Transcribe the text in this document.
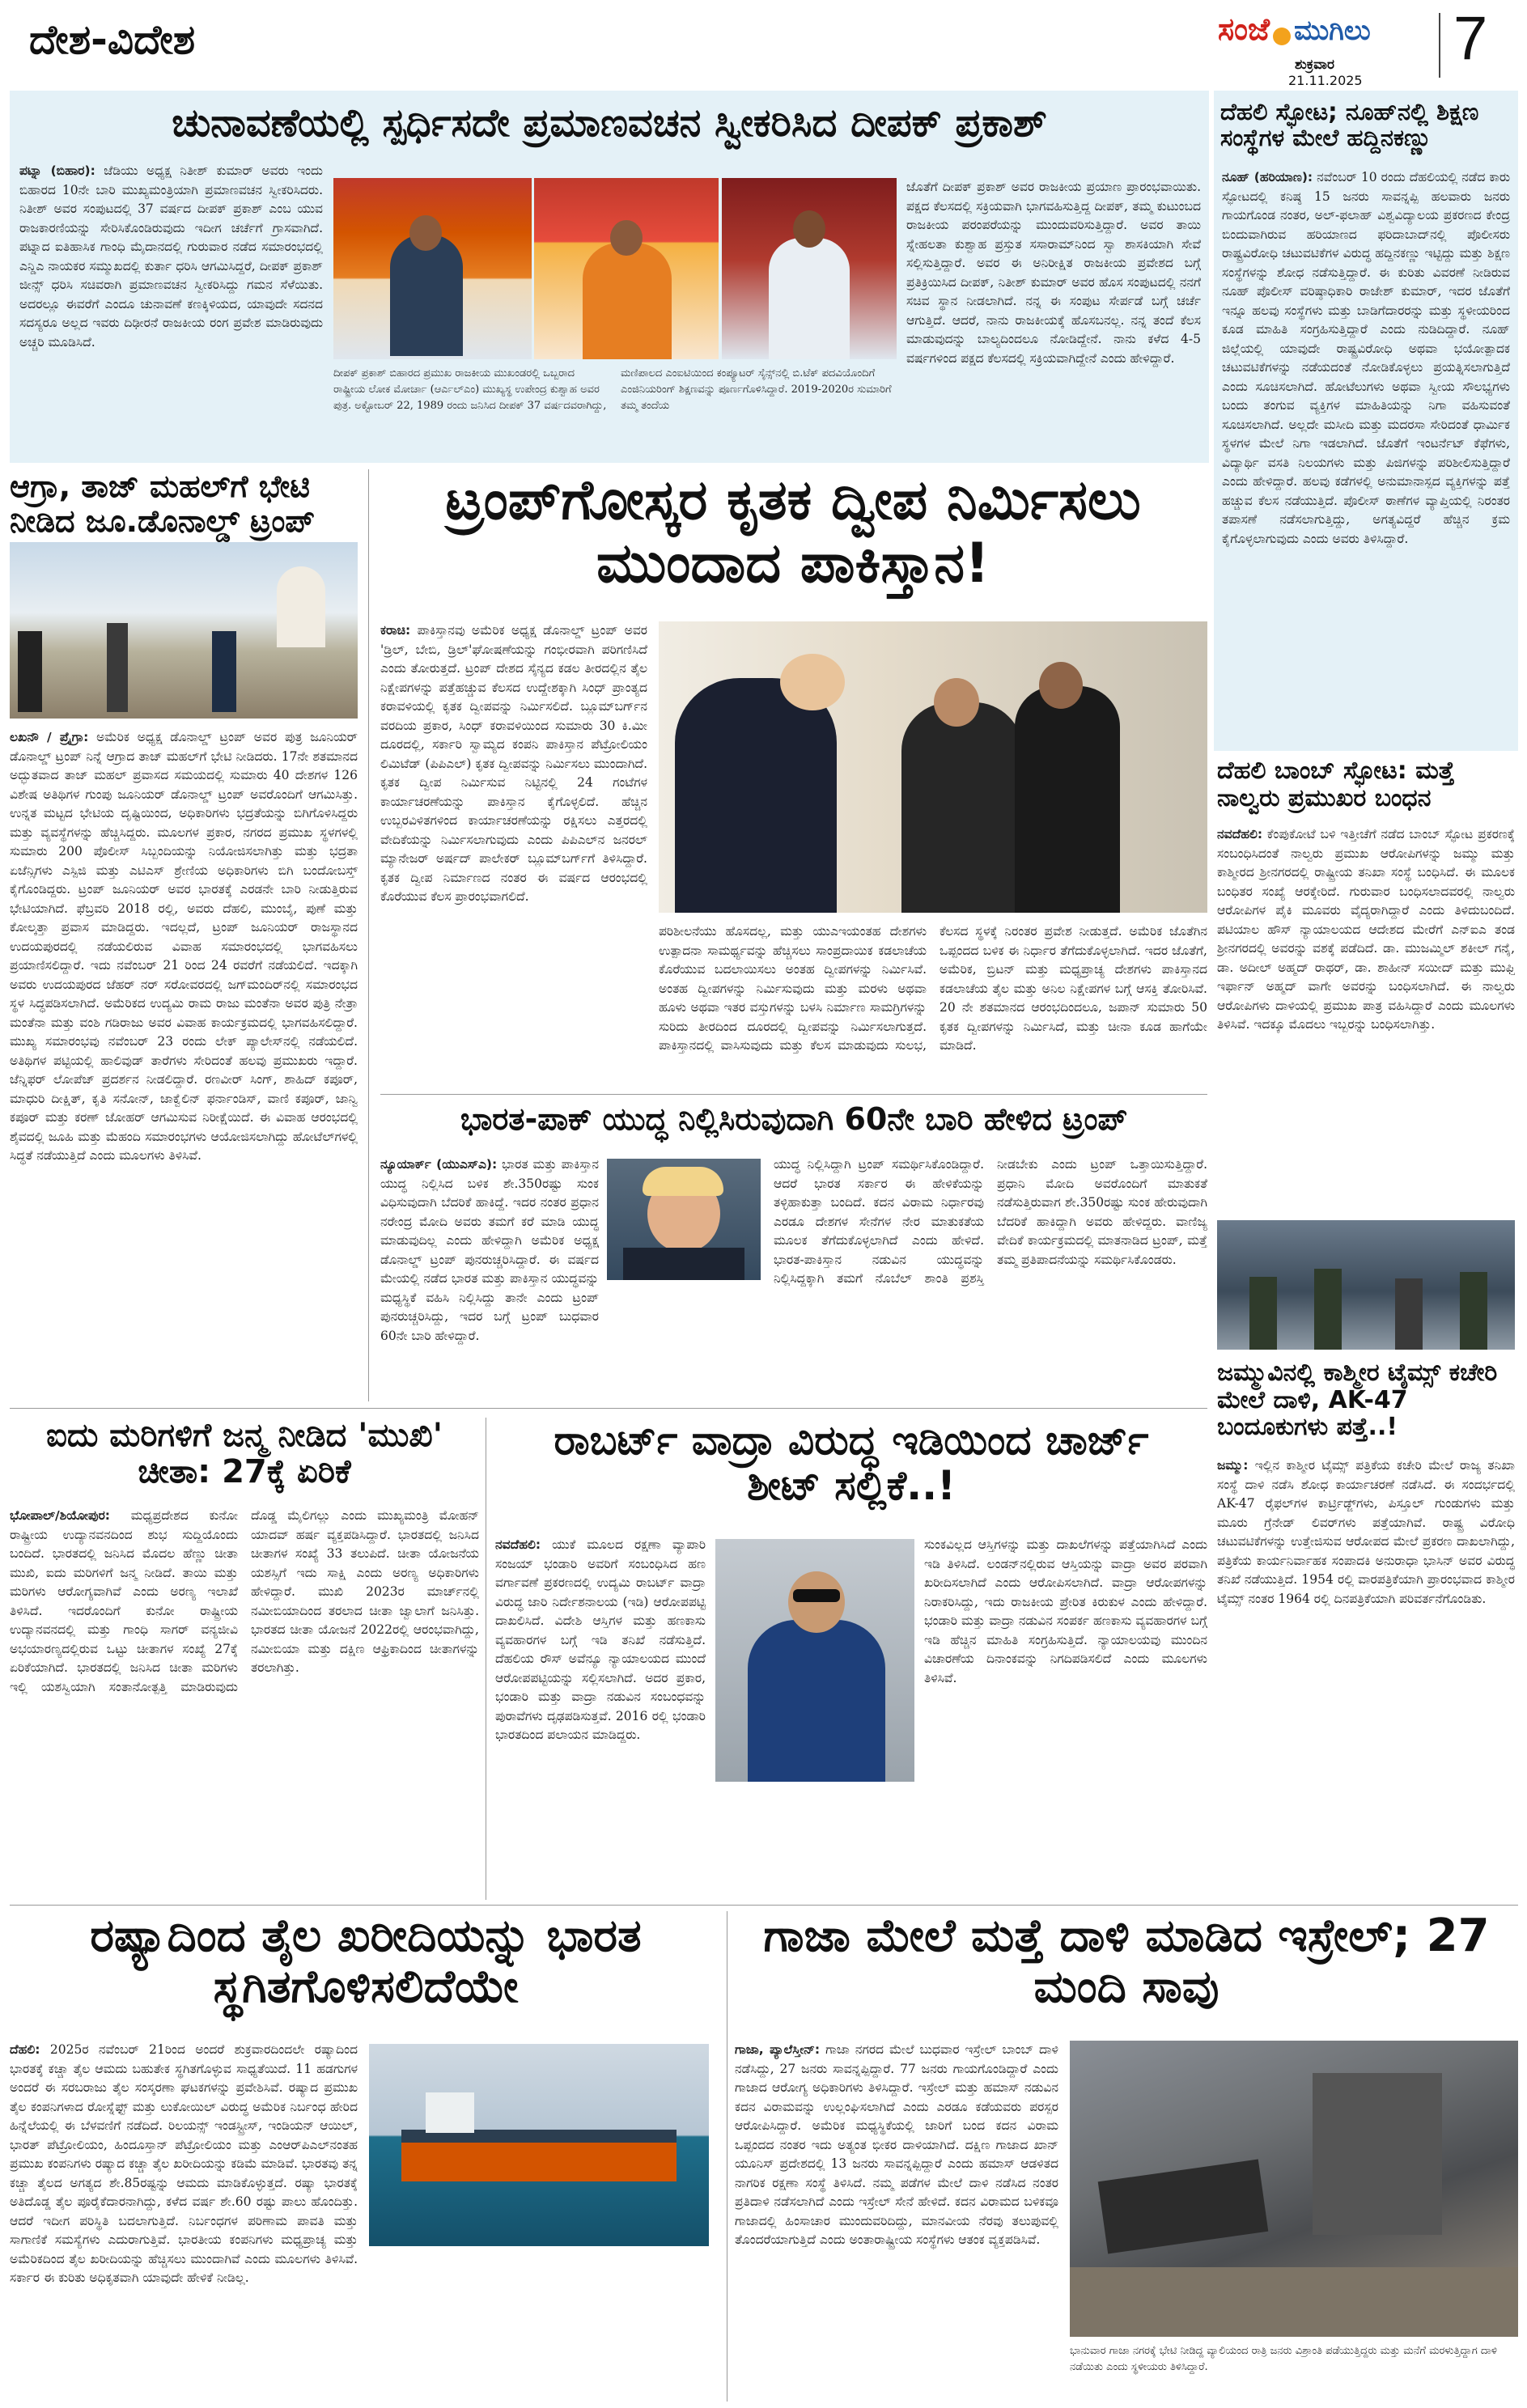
ದೇಶ-ವಿದೇಶ	ಸಂಜೆ ಮುಗಿಲು
ಶುಕ್ರವಾರ
21.11.2025
7
ಚುನಾವಣೆಯಲ್ಲಿ ಸ್ಪರ್ಧಿಸದೇ ಪ್ರಮಾಣವಚನ ಸ್ವೀಕರಿಸಿದ ದೀಪಕ್ ಪ್ರಕಾಶ್
ಪಟ್ನಾ (ಬಿಹಾರ): ಜೆಡಿಯು ಅಧ್ಯಕ್ಷ ನಿತೀಶ್ ಕುಮಾರ್ ಅವರು ಇಂದು ಬಿಹಾರದ 10ನೇ ಬಾರಿ ಮುಖ್ಯಮಂತ್ರಿಯಾಗಿ ಪ್ರಮಾಣವಚನ ಸ್ವೀಕರಿಸಿದರು. ನಿತೀಶ್ ಅವರ ಸಂಪುಟದಲ್ಲಿ 37 ವರ್ಷದ ದೀಪಕ್ ಪ್ರಕಾಶ್ ಎಂಬ ಯುವ ರಾಜಕಾರಣಿಯನ್ನು ಸೇರಿಸಿಕೊಂಡಿರುವುದು ಇದೀಗ ಚರ್ಚೆಗೆ ಗ್ರಾಸವಾಗಿದೆ. ಪಟ್ನಾದ ಐತಿಹಾಸಿಕ ಗಾಂಧಿ ಮೈದಾನದಲ್ಲಿ ಗುರುವಾರ ನಡೆದ ಸಮಾರಂಭದಲ್ಲಿ ಎನ್ಡಿಎ ನಾಯಕರ ಸಮ್ಮುಖದಲ್ಲಿ ಕುರ್ತಾ ಧರಿಸಿ ಆಗಮಿಸಿದ್ದರೆ, ದೀಪಕ್ ಪ್ರಕಾಶ್ ಜೀನ್ಸ್ ಧರಿಸಿ ಸಚಿವರಾಗಿ ಪ್ರಮಾಣವಚನ ಸ್ವೀಕರಿಸಿದ್ದು ಗಮನ ಸೆಳೆಯಿತು. ಅದರಲ್ಲೂ ಈವರೆಗೆ ಎಂದೂ ಚುನಾವಣೆ ಕಣಕ್ಕಿಳಿಯದ, ಯಾವುದೇ ಸದನದ ಸದಸ್ಯರೂ ಅಲ್ಲದ ಇವರು ದಿಢೀರನೆ ರಾಜಕೀಯ ರಂಗ ಪ್ರವೇಶ ಮಾಡಿರುವುದು ಅಚ್ಚರಿ ಮೂಡಿಸಿದೆ.
ದೀಪಕ್ ಪ್ರಕಾಶ್ ಬಿಹಾರದ ಪ್ರಮುಖ ರಾಜಕೀಯ ಮುಖಂಡರಲ್ಲಿ ಒಬ್ಬರಾದ ರಾಷ್ಟ್ರೀಯ ಲೋಕ ಮೋರ್ಚಾ (ಆರ್ಎಲ್ಎಂ) ಮುಖ್ಯಸ್ಥ ಉಪೇಂದ್ರ ಕುಶ್ವಾಹ ಅವರ ಪುತ್ರ. ಅಕ್ಟೋಬರ್ 22, 1989 ರಂದು ಜನಿಸಿದ ದೀಪಕ್ 37 ವರ್ಷದವರಾಗಿದ್ದು, ಮಣಿಪಾಲದ ಎಂಐಟಿಯಿಂದ ಕಂಪ್ಯೂಟರ್ ಸೈನ್ಸ್‌ನಲ್ಲಿ ಬಿ.ಟೆಕ್ ಪದವಿಯೊಂದಿಗೆ ಎಂಜಿನಿಯರಿಂಗ್ ಶಿಕ್ಷಣವನ್ನು ಪೂರ್ಣಗೊಳಿಸಿದ್ದಾರೆ. 2019-2020ರ ಸುಮಾರಿಗೆ ತಮ್ಮ ತಂದೆಯ
ಜೊತೆಗೆ ದೀಪಕ್ ಪ್ರಕಾಶ್ ಅವರ ರಾಜಕೀಯ ಪ್ರಯಾಣ ಪ್ರಾರಂಭವಾಯಿತು. ಪಕ್ಷದ ಕೆಲಸದಲ್ಲಿ ಸಕ್ರಿಯವಾಗಿ ಭಾಗವಹಿಸುತ್ತಿದ್ದ ದೀಪಕ್, ತಮ್ಮ ಕುಟುಂಬದ ರಾಜಕೀಯ ಪರಂಪರೆಯನ್ನು ಮುಂದುವರಿಸುತ್ತಿದ್ದಾರೆ. ಅವರ ತಾಯಿ ಸ್ನೇಹಲತಾ ಕುಶ್ವಾಹ ಪ್ರಸ್ತುತ ಸಸಾರಾಮ್‌ನಿಂದ ಸ್ವಾ ಶಾಸಕಿಯಾಗಿ ಸೇವೆ ಸಲ್ಲಿಸುತ್ತಿದ್ದಾರೆ. ಅವರ ಈ ಅನಿರೀಕ್ಷಿತ ರಾಜಕೀಯ ಪ್ರವೇಶದ ಬಗ್ಗೆ ಪ್ರತಿಕ್ರಿಯಿಸಿದ ದೀಪಕ್, ನಿತೀಶ್ ಕುಮಾರ್ ಅವರ ಹೊಸ ಸಂಪುಟದಲ್ಲಿ ನನಗೆ ಸಚಿವ ಸ್ಥಾನ ನೀಡಲಾಗಿದೆ. ನನ್ನ ಈ ಸಂಪುಟ ಸೇರ್ಪಡೆ ಬಗ್ಗೆ ಚರ್ಚೆ ಆಗುತ್ತಿದೆ. ಆದರೆ, ನಾನು ರಾಜಕೀಯಕ್ಕೆ ಹೊಸಬನಲ್ಲ. ನನ್ನ ತಂದೆ ಕೆಲಸ ಮಾಡುವುದನ್ನು ಬಾಲ್ಯದಿಂದಲೂ ನೋಡಿದ್ದೇನೆ. ನಾನು ಕಳೆದ 4-5 ವರ್ಷಗಳಿಂದ ಪಕ್ಷದ ಕೆಲಸದಲ್ಲಿ ಸಕ್ರಿಯವಾಗಿದ್ದೇನೆ ಎಂದು ಹೇಳಿದ್ದಾರೆ.
ದೆಹಲಿ ಸ್ಫೋಟ; ನೂಹ್‌ನಲ್ಲಿ ಶಿಕ್ಷಣ ಸಂಸ್ಥೆಗಳ ಮೇಲೆ ಹದ್ದಿನಕಣ್ಣು
ನೂಹ್ (ಹರಿಯಾಣ): ನವೆಂಬರ್ 10 ರಂದು ದೆಹಲಿಯಲ್ಲಿ ನಡೆದ ಕಾರು ಸ್ಫೋಟದಲ್ಲಿ ಕನಿಷ್ಠ 15 ಜನರು ಸಾವನ್ನಪ್ಪಿ ಹಲವಾರು ಜನರು ಗಾಯಗೊಂಡ ನಂತರ, ಅಲ್-ಫಲಾಹ್ ವಿಶ್ವವಿದ್ಯಾಲಯ ಪ್ರಕರಣದ ಕೇಂದ್ರ ಬಿಂದುವಾಗಿರುವ ಹರಿಯಾಣದ ಫರಿದಾಬಾದ್‌ನಲ್ಲಿ ಪೊಲೀಸರು ರಾಷ್ಟ್ರವಿರೋಧಿ ಚಟುವಟಿಕೆಗಳ ವಿರುದ್ಧ ಹದ್ದಿನಕಣ್ಣು ಇಟ್ಟಿದ್ದು ಮತ್ತು ಶಿಕ್ಷಣ ಸಂಸ್ಥೆಗಳನ್ನು ಶೋಧ ನಡೆಸುತ್ತಿದ್ದಾರೆ. ಈ ಕುರಿತು ವಿವರಣೆ ನೀಡಿರುವ ನೂಹ್ ಪೊಲೀಸ್ ವರಿಷ್ಠಾಧಿಕಾರಿ ರಾಜೇಶ್ ಕುಮಾರ್, ಇದರ ಜೊತೆಗೆ ಇನ್ನೂ ಹಲವು ಸಂಸ್ಥೆಗಳು ಮತ್ತು ಬಾಡಿಗೆದಾರರನ್ನು ಮತ್ತು ಸ್ಥಳೀಯರಿಂದ ಕೂಡ ಮಾಹಿತಿ ಸಂಗ್ರಹಿಸುತ್ತಿದ್ದಾರೆ ಎಂದು ನುಡಿದಿದ್ದಾರೆ. ನೂಹ್ ಜಿಲ್ಲೆಯಲ್ಲಿ ಯಾವುದೇ ರಾಷ್ಟ್ರವಿರೋಧಿ ಅಥವಾ ಭಯೋತ್ಪಾದಕ ಚಟುವಟಿಕೆಗಳನ್ನು ನಡೆಯದಂತೆ ನೋಡಿಕೊಳ್ಳಲು ಪ್ರಯತ್ನಿಸಲಾಗುತ್ತಿದೆ ಎಂದು ಸೂಚಿಸಲಾಗಿದೆ. ಹೋಟೆಲುಗಳು ಅಥವಾ ಸ್ವೀಯ ಸೌಲಭ್ಯಗಳು ಬಂದು ತಂಗುವ ವ್ಯಕ್ತಿಗಳ ಮಾಹಿತಿಯನ್ನು ನಿಗಾ ವಹಿಸುವಂತೆ ಸೂಚಿಸಲಾಗಿದೆ. ಅಲ್ಲದೇ ಮಸೀದಿ ಮತ್ತು ಮದರಸಾ ಸೇರಿದಂತೆ ಧಾರ್ಮಿಕ ಸ್ಥಳಗಳ ಮೇಲೆ ನಿಗಾ ಇಡಲಾಗಿದೆ. ಜೊತೆಗೆ ಇಂಟರ್ನೆಟ್ ಕೆಫೆಗಳು, ವಿದ್ಯಾರ್ಥಿ ವಸತಿ ನಿಲಯಗಳು ಮತ್ತು ಪಿಜಿಗಳನ್ನು ಪರಿಶೀಲಿಸುತ್ತಿದ್ದಾರೆ ಎಂದು ಹೇಳಿದ್ದಾರೆ. ಹಲವು ಕಡೆಗಳಲ್ಲಿ ಅನುಮಾನಾಸ್ಪದ ವ್ಯಕ್ತಿಗಳನ್ನು ಪತ್ತೆ ಹಚ್ಚುವ ಕೆಲಸ ನಡೆಯುತ್ತಿದೆ. ಪೊಲೀಸ್ ಠಾಣೆಗಳ ವ್ಯಾಪ್ತಿಯಲ್ಲಿ ನಿರಂತರ ತಪಾಸಣೆ ನಡೆಸಲಾಗುತ್ತಿದ್ದು, ಅಗತ್ಯವಿದ್ದರೆ ಹೆಚ್ಚಿನ ಕ್ರಮ ಕೈಗೊಳ್ಳಲಾಗುವುದು ಎಂದು ಅವರು ತಿಳಿಸಿದ್ದಾರೆ.
ಆಗ್ರಾ, ತಾಜ್ ಮಹಲ್‌ಗೆ ಭೇಟಿ ನೀಡಿದ ಜೂ.ಡೊನಾಲ್ಡ್ ಟ್ರಂಪ್
ಲಖನೌ / ಪ್ರೈಗ್ರಾ: ಅಮೆರಿಕ ಅಧ್ಯಕ್ಷ ಡೊನಾಲ್ಡ್ ಟ್ರಂಪ್ ಅವರ ಪುತ್ರ ಜೂನಿಯರ್ ಡೊನಾಲ್ಡ್ ಟ್ರಂಪ್ ನಿನ್ನೆ ಆಗ್ರಾದ ತಾಜ್ ಮಹಲ್‌ಗೆ ಭೇಟಿ ನೀಡಿದರು. 17ನೇ ಶತಮಾನದ ಅದ್ಭುತವಾದ ತಾಜ್ ಮಹಲ್ ಪ್ರವಾಸದ ಸಮಯದಲ್ಲಿ ಸುಮಾರು 40 ದೇಶಗಳ 126 ವಿಶೇಷ ಅತಿಥಿಗಳ ಗುಂಪು ಜೂನಿಯರ್ ಡೊನಾಲ್ಡ್ ಟ್ರಂಪ್ ಅವರೊಂದಿಗೆ ಆಗಮಿಸಿತ್ತು. ಉನ್ನತ ಮಟ್ಟದ ಭೇಟಿಯ ದೃಷ್ಟಿಯಿಂದ, ಅಧಿಕಾರಿಗಳು ಭದ್ರತೆಯನ್ನು ಬಿಗಿಗೊಳಿಸಿದ್ದರು ಮತ್ತು ವ್ಯವಸ್ಥೆಗಳನ್ನು ಹೆಚ್ಚಿಸಿದ್ದರು. ಮೂಲಗಳ ಪ್ರಕಾರ, ನಗರದ ಪ್ರಮುಖ ಸ್ಥಳಗಳಲ್ಲಿ ಸುಮಾರು 200 ಪೊಲೀಸ್ ಸಿಬ್ಬಂದಿಯನ್ನು ನಿಯೋಜಿಸಲಾಗಿತ್ತು ಮತ್ತು ಭದ್ರತಾ ಏಜೆನ್ಸಿಗಳು ಎಸ್ಪಿಜಿ ಮತ್ತು ಎಟಿಎಸ್ ಶ್ರೇಣಿಯ ಅಧಿಕಾರಿಗಳು ಬಿಗಿ ಬಂದೋಬಸ್ತ್ ಕೈಗೊಂಡಿದ್ದರು. ಟ್ರಂಪ್ ಜೂನಿಯರ್ ಅವರ ಭಾರತಕ್ಕೆ ಎರಡನೇ ಬಾರಿ ನೀಡುತ್ತಿರುವ ಭೇಟಿಯಾಗಿದೆ. ಫೆಬ್ರವರಿ 2018 ರಲ್ಲಿ, ಅವರು ದೆಹಲಿ, ಮುಂಬೈ, ಪುಣೆ ಮತ್ತು ಕೋಲ್ಕತ್ತಾ ಪ್ರವಾಸ ಮಾಡಿದ್ದರು. ಇದಲ್ಲದೆ, ಟ್ರಂಪ್ ಜೂನಿಯರ್ ರಾಜಸ್ಥಾನದ ಉದಯಪುರದಲ್ಲಿ ನಡೆಯಲಿರುವ ವಿವಾಹ ಸಮಾರಂಭದಲ್ಲಿ ಭಾಗವಹಿಸಲು ಪ್ರಯಾಣಿಸಲಿದ್ದಾರೆ. ಇದು ನವೆಂಬರ್ 21 ರಿಂದ 24 ರವರೆಗೆ ನಡೆಯಲಿದೆ. ಇದಕ್ಕಾಗಿ ಅವರು ಉದಯಪುರದ ಜೆಹರ್ ನರ್ ಸರೋವರದಲ್ಲಿ ಜಗ್‌ಮಂದಿರ್‌ನಲ್ಲಿ ಸಮಾರಂಭದ ಸ್ಥಳ ಸಿದ್ಧಪಡಿಸಲಾಗಿದೆ. ಅಮೆರಿಕದ ಉದ್ಯಮಿ ರಾಮ ರಾಜು ಮಂತೆನಾ ಅವರ ಪುತ್ರಿ ನೇತ್ರಾ ಮಂತೆನಾ ಮತ್ತು ವಂಶಿ ಗಡಿರಾಜು ಅವರ ವಿವಾಹ ಕಾರ್ಯಕ್ರಮದಲ್ಲಿ ಭಾಗವಹಿಸಲಿದ್ದಾರೆ. ಮುಖ್ಯ ಸಮಾರಂಭವು ನವೆಂಬರ್ 23 ರಂದು ಲೇಕ್ ಪ್ಯಾಲೇಸ್‌ನಲ್ಲಿ ನಡೆಯಲಿದೆ. ಅತಿಥಿಗಳ ಪಟ್ಟಿಯಲ್ಲಿ ಹಾಲಿವುಡ್ ತಾರೆಗಳು ಸೇರಿದಂತೆ ಹಲವು ಪ್ರಮುಖರು ಇದ್ದಾರೆ. ಜೆನ್ನಿಫರ್ ಲೋಪೆಜ್ ಪ್ರದರ್ಶನ ನೀಡಲಿದ್ದಾರೆ. ರಣವೀರ್ ಸಿಂಗ್, ಶಾಹಿದ್ ಕಪೂರ್, ಮಾಧುರಿ ದೀಕ್ಷಿತ್, ಕೃತಿ ಸನೋನ್, ಜಾಕ್ವೆಲಿನ್ ಫರ್ನಾಂಡಿಸ್, ವಾಣಿ ಕಪೂರ್, ಜಾನ್ವಿ ಕಪೂರ್ ಮತ್ತು ಕರಣ್ ಜೋಹರ್ ಆಗಮಿಸುವ ನಿರೀಕ್ಷೆಯಿದೆ. ಈ ವಿವಾಹ ಆರಂಭದಲ್ಲಿ ಶೈವದಲ್ಲಿ ಜೂಹಿ ಮತ್ತು ಮೆಹಂದಿ ಸಮಾರಂಭಗಳು ಆಯೋಜಿಸಲಾಗಿದ್ದು ಹೋಟೆಲ್‌ಗಳಲ್ಲಿ ಸಿದ್ಧತೆ ನಡೆಯುತ್ತಿದೆ ಎಂದು ಮೂಲಗಳು ತಿಳಿಸಿವೆ.
ಟ್ರಂಪ್‌ಗೋಸ್ಕರ ಕೃತಕ ದ್ವೀಪ ನಿರ್ಮಿಸಲು ಮುಂದಾದ ಪಾಕಿಸ್ತಾನ!
ಕರಾಚಿ: ಪಾಕಿಸ್ತಾನವು ಅಮೆರಿಕ ಅಧ್ಯಕ್ಷ ಡೊನಾಲ್ಡ್ ಟ್ರಂಪ್ ಅವರ 'ಡ್ರಿಲ್, ಬೇಬಿ, ಡ್ರಿಲ್'ಘೋಷಣೆಯನ್ನು ಗಂಭೀರವಾಗಿ ಪರಿಗಣಿಸಿದೆ ಎಂದು ತೋರುತ್ತದೆ. ಟ್ರಂಪ್ ದೇಶದ ಸೈನ್ಯದ ಕಡಲ ತೀರದಲ್ಲಿನ ತೈಲ ನಿಕ್ಷೇಪಗಳನ್ನು ಪತ್ತೆಹಚ್ಚುವ ಕೆಲಸದ ಉದ್ದೇಶಕ್ಕಾಗಿ ಸಿಂಧ್ ಪ್ರಾಂತ್ಯದ ಕರಾವಳಿಯಲ್ಲಿ ಕೃತಕ ದ್ವೀಪವನ್ನು ನಿರ್ಮಿಸಲಿದೆ. ಬ್ಲೂಮ್‌ಬರ್ಗ್‌ನ ವರದಿಯ ಪ್ರಕಾರ, ಸಿಂಧ್ ಕರಾವಳಿಯಿಂದ ಸುಮಾರು 30 ಕಿ.ಮೀ ದೂರದಲ್ಲಿ, ಸರ್ಕಾರಿ ಸ್ವಾಮ್ಯದ ಕಂಪನಿ ಪಾಕಿಸ್ತಾನ ಪೆಟ್ರೋಲಿಯಂ ಲಿಮಿಟೆಡ್ (ಪಿಪಿಎಲ್) ಕೃತಕ ದ್ವೀಪವನ್ನು ನಿರ್ಮಿಸಲು ಮುಂದಾಗಿದೆ. ಕೃತಕ ದ್ವೀಪ ನಿರ್ಮಿಸುವ ನಿಟ್ಟಿನಲ್ಲಿ 24 ಗಂಟೆಗಳ ಕಾರ್ಯಾಚರಣೆಯನ್ನು ಪಾಕಿಸ್ತಾನ ಕೈಗೊಳ್ಳಲಿದೆ. ಹೆಚ್ಚಿನ ಉಬ್ಬರವಿಳಿತಗಳಿಂದ ಕಾರ್ಯಾಚರಣೆಯನ್ನು ರಕ್ಷಿಸಲು ಎತ್ತರದಲ್ಲಿ ವೇದಿಕೆಯನ್ನು ನಿರ್ಮಿಸಲಾಗುವುದು ಎಂದು ಪಿಪಿಎಲ್‌ನ ಜನರಲ್ ಮ್ಯಾನೇಜರ್ ಅರ್ಷದ್ ಪಾಲೇಕರ್ ಬ್ಲೂಮ್‌ಬರ್ಗ್‌ಗೆ ತಿಳಿಸಿದ್ದಾರೆ. ಕೃತಕ ದ್ವೀಪ ನಿರ್ಮಾಣದ ನಂತರ ಈ ವರ್ಷದ ಆರಂಭದಲ್ಲಿ ಕೊರೆಯುವ ಕೆಲಸ ಪ್ರಾರಂಭವಾಗಲಿದೆ.
ಪರಿಶೀಲನೆಯು ಹೊಸದಲ್ಲ, ಮತ್ತು ಯುಎಇಯಂತಹ ದೇಶಗಳು ಉತ್ಪಾದನಾ ಸಾಮರ್ಥ್ಯವನ್ನು ಹೆಚ್ಚಿಸಲು ಸಾಂಪ್ರದಾಯಿಕ ಕಡಲಾಚೆಯ ಕೊರೆಯುವ ಬದಲಾಯಿಸಲು ಅಂತಹ ದ್ವೀಪಗಳನ್ನು ನಿರ್ಮಿಸಿವೆ. ಅಂತಹ ದ್ವೀಪಗಳನ್ನು ನಿರ್ಮಿಸುವುದು ಮತ್ತು ಮರಳು ಅಥವಾ ಹೂಳು ಅಥವಾ ಇತರ ವಸ್ತುಗಳನ್ನು ಬಳಸಿ ನಿರ್ಮಾಣ ಸಾಮಗ್ರಿಗಳನ್ನು ಸುರಿದು ತೀರದಿಂದ ದೂರದಲ್ಲಿ ದ್ವೀಪವನ್ನು ನಿರ್ಮಿಸಲಾಗುತ್ತದೆ. ಪಾಕಿಸ್ತಾನದಲ್ಲಿ ವಾಸಿಸುವುದು ಮತ್ತು ಕೆಲಸ ಮಾಡುವುದು ಸುಲಭ, ಕೆಲಸದ ಸ್ಥಳಕ್ಕೆ ನಿರಂತರ ಪ್ರವೇಶ ನೀಡುತ್ತದೆ. ಅಮೆರಿಕ ಜೊತೆಗಿನ ಒಪ್ಪಂದದ ಬಳಿಕ ಈ ನಿರ್ಧಾರ ತೆಗೆದುಕೊಳ್ಳಲಾಗಿದೆ. ಇದರ ಜೊತೆಗೆ, ಅಮೆರಿಕ, ಬ್ರಿಟನ್ ಮತ್ತು ಮಧ್ಯಪ್ರಾಚ್ಯ ದೇಶಗಳು ಪಾಕಿಸ್ತಾನದ ಕಡಲಾಚೆಯ ತೈಲ ಮತ್ತು ಅನಿಲ ನಿಕ್ಷೇಪಗಳ ಬಗ್ಗೆ ಆಸಕ್ತಿ ತೋರಿಸಿವೆ. 20 ನೇ ಶತಮಾನದ ಆರಂಭದಿಂದಲೂ, ಜಪಾನ್ ಸುಮಾರು 50 ಕೃತಕ ದ್ವೀಪಗಳನ್ನು ನಿರ್ಮಿಸಿದೆ, ಮತ್ತು ಚೀನಾ ಕೂಡ ಹಾಗೆಯೇ ಮಾಡಿದೆ.
ಭಾರತ-ಪಾಕ್ ಯುದ್ಧ ನಿಲ್ಲಿಸಿರುವುದಾಗಿ 60ನೇ ಬಾರಿ ಹೇಳಿದ ಟ್ರಂಪ್
ನ್ಯೂಯಾರ್ಕ್ (ಯುಎಸ್‌ಎ): ಭಾರತ ಮತ್ತು ಪಾಕಿಸ್ತಾನ ಯುದ್ಧ ನಿಲ್ಲಿಸಿದ ಬಳಿಕ ಶೇ.350ರಷ್ಟು ಸುಂಕ ವಿಧಿಸುವುದಾಗಿ ಬೆದರಿಕೆ ಹಾಕಿದ್ದೆ. ಇದರ ನಂತರ ಪ್ರಧಾನ ನರೇಂದ್ರ ಮೋದಿ ಅವರು ತಮಗೆ ಕರೆ ಮಾಡಿ ಯುದ್ಧ ಮಾಡುವುದಿಲ್ಲ ಎಂದು ಹೇಳಿದ್ದಾಗಿ ಅಮೆರಿಕ ಅಧ್ಯಕ್ಷ ಡೊನಾಲ್ಡ್ ಟ್ರಂಪ್ ಪುನರುಚ್ಚರಿಸಿದ್ದಾರೆ. ಈ ವರ್ಷದ ಮೇಯಲ್ಲಿ ನಡೆದ ಭಾರತ ಮತ್ತು ಪಾಕಿಸ್ತಾನ ಯುದ್ಧವನ್ನು ಮಧ್ಯಸ್ಥಿಕೆ ವಹಿಸಿ ನಿಲ್ಲಿಸಿದ್ದು ತಾನೇ ಎಂದು ಟ್ರಂಪ್ ಪುನರುಚ್ಚರಿಸಿದ್ದು, ಇದರ ಬಗ್ಗೆ ಟ್ರಂಪ್ ಬುಧವಾರ 60ನೇ ಬಾರಿ ಹೇಳಿದ್ದಾರೆ.
ಯುದ್ಧ ನಿಲ್ಲಿಸಿದ್ದಾಗಿ ಟ್ರಂಪ್ ಸಮರ್ಥಿಸಿಕೊಂಡಿದ್ದಾರೆ. ಆದರೆ ಭಾರತ ಸರ್ಕಾರ ಈ ಹೇಳಿಕೆಯನ್ನು ತಳ್ಳಿಹಾಕುತ್ತಾ ಬಂದಿದೆ. ಕದನ ವಿರಾಮ ನಿರ್ಧಾರವು ಎರಡೂ ದೇಶಗಳ ಸೇನೆಗಳ ನೇರ ಮಾತುಕತೆಯ ಮೂಲಕ ತೆಗೆದುಕೊಳ್ಳಲಾಗಿದೆ ಎಂದು ಹೇಳಿದೆ. ಭಾರತ-ಪಾಕಿಸ್ತಾನ ನಡುವಿನ ಯುದ್ಧವನ್ನು ನಿಲ್ಲಿಸಿದ್ದಕ್ಕಾಗಿ ತಮಗೆ ನೊಬೆಲ್ ಶಾಂತಿ ಪ್ರಶಸ್ತಿ ನೀಡಬೇಕು ಎಂದು ಟ್ರಂಪ್ ಒತ್ತಾಯಿಸುತ್ತಿದ್ದಾರೆ. ಪ್ರಧಾನಿ ಮೋದಿ ಅವರೊಂದಿಗೆ ಮಾತುಕತೆ ನಡೆಸುತ್ತಿರುವಾಗ ಶೇ.350ರಷ್ಟು ಸುಂಕ ಹೇರುವುದಾಗಿ ಬೆದರಿಕೆ ಹಾಕಿದ್ದಾಗಿ ಅವರು ಹೇಳಿದ್ದರು. ವಾಣಿಜ್ಯ ವೇದಿಕೆ ಕಾರ್ಯಕ್ರಮದಲ್ಲಿ ಮಾತನಾಡಿದ ಟ್ರಂಪ್, ಮತ್ತೆ ತಮ್ಮ ಪ್ರತಿಪಾದನೆಯನ್ನು ಸಮರ್ಥಿಸಿಕೊಂಡರು.
ದೆಹಲಿ ಬಾಂಬ್ ಸ್ಫೋಟ: ಮತ್ತೆ ನಾಲ್ವರು ಪ್ರಮುಖರ ಬಂಧನ
ನವದೆಹಲಿ: ಕೆಂಪುಕೋಟೆ ಬಳಿ ಇತ್ತೀಚೆಗೆ ನಡೆದ ಬಾಂಬ್ ಸ್ಫೋಟ ಪ್ರಕರಣಕ್ಕೆ ಸಂಬಂಧಿಸಿದಂತೆ ನಾಲ್ವರು ಪ್ರಮುಖ ಆರೋಪಿಗಳನ್ನು ಜಮ್ಮು ಮತ್ತು ಕಾಶ್ಮೀರದ ಶ್ರೀನಗರದಲ್ಲಿ ರಾಷ್ಟ್ರೀಯ ತನಿಖಾ ಸಂಸ್ಥೆ ಬಂಧಿಸಿದೆ. ಈ ಮೂಲಕ ಬಂಧಿತರ ಸಂಖ್ಯೆ ಆರಕ್ಕೇರಿದೆ. ಗುರುವಾರ ಬಂಧಿಸಲಾದವರಲ್ಲಿ ನಾಲ್ವರು ಆರೋಪಿಗಳ ಪೈಕಿ ಮೂವರು ವೈದ್ಯರಾಗಿದ್ದಾರೆ ಎಂದು ತಿಳಿದುಬಂದಿದೆ. ಪಟಿಯಾಲ ಹೌಸ್ ನ್ಯಾಯಾಲಯದ ಆದೇಶದ ಮೇರೆಗೆ ಎನ್‌ಐಎ ತಂಡ ಶ್ರೀನಗರದಲ್ಲಿ ಅವರನ್ನು ವಶಕ್ಕೆ ಪಡೆದಿದೆ. ಡಾ. ಮುಜಮ್ಮಿಲ್ ಶಕೀಲ್ ಗನೈ, ಡಾ. ಅದೀಲ್ ಅಹ್ಮದ್ ರಾಥರ್, ಡಾ. ಶಾಹೀನ್ ಸಯೀದ್ ಮತ್ತು ಮುಫ್ತಿ ಇರ್ಫಾನ್ ಅಹ್ಮದ್ ವಾಗೇ ಅವರನ್ನು ಬಂಧಿಸಲಾಗಿದೆ. ಈ ನಾಲ್ವರು ಆರೋಪಿಗಳು ದಾಳಿಯಲ್ಲಿ ಪ್ರಮುಖ ಪಾತ್ರ ವಹಿಸಿದ್ದಾರೆ ಎಂದು ಮೂಲಗಳು ತಿಳಿಸಿವೆ. ಇದಕ್ಕೂ ಮೊದಲು ಇಬ್ಬರನ್ನು ಬಂಧಿಸಲಾಗಿತ್ತು.
ಜಮ್ಮುವಿನಲ್ಲಿ ಕಾಶ್ಮೀರ ಟೈಮ್ಸ್ ಕಚೇರಿ ಮೇಲೆ ದಾಳಿ, AK-47 ಬಂದೂಕುಗಳು ಪತ್ತೆ..!
ಜಮ್ಮು: ಇಲ್ಲಿನ ಕಾಶ್ಮೀರ ಟೈಮ್ಸ್ ಪತ್ರಿಕೆಯ ಕಚೇರಿ ಮೇಲೆ ರಾಜ್ಯ ತನಿಖಾ ಸಂಸ್ಥೆ ದಾಳಿ ನಡೆಸಿ ಶೋಧ ಕಾರ್ಯಾಚರಣೆ ನಡೆಸಿದೆ. ಈ ಸಂದರ್ಭದಲ್ಲಿ AK-47 ರೈಫಲ್‌ಗಳ ಕಾರ್ಟ್ರಿಡ್ಜ್‌ಗಳು, ಪಿಸ್ತೂಲ್ ಗುಂಡುಗಳು ಮತ್ತು ಮೂರು ಗ್ರೆನೇಡ್ ಲಿವರ್‌ಗಳು ಪತ್ತೆಯಾಗಿವೆ. ರಾಷ್ಟ್ರ ವಿರೋಧಿ ಚಟುವಟಿಕೆಗಳನ್ನು ಉತ್ತೇಜಿಸುವ ಆರೋಪದ ಮೇಲೆ ಪ್ರಕರಣ ದಾಖಲಾಗಿದ್ದು, ಪತ್ರಿಕೆಯ ಕಾರ್ಯನಿರ್ವಾಹಕ ಸಂಪಾದಕಿ ಅನುರಾಧಾ ಭಾಸಿನ್ ಅವರ ವಿರುದ್ಧ ತನಿಖೆ ನಡೆಯುತ್ತಿದೆ. 1954 ರಲ್ಲಿ ವಾರಪತ್ರಿಕೆಯಾಗಿ ಪ್ರಾರಂಭವಾದ ಕಾಶ್ಮೀರ ಟೈಮ್ಸ್ ನಂತರ 1964 ರಲ್ಲಿ ದಿನಪತ್ರಿಕೆಯಾಗಿ ಪರಿವರ್ತನೆಗೊಂಡಿತು.
ಐದು ಮರಿಗಳಿಗೆ ಜನ್ಮ ನೀಡಿದ 'ಮುಖಿ' ಚೀತಾ: 27ಕ್ಕೆ ಏರಿಕೆ
ಭೋಪಾಲ್/ಶಿಯೋಪುರ: ಮಧ್ಯಪ್ರದೇಶದ ಕುನೋ ರಾಷ್ಟ್ರೀಯ ಉದ್ಯಾನವನದಿಂದ ಶುಭ ಸುದ್ದಿಯೊಂದು ಬಂದಿದೆ. ಭಾರತದಲ್ಲಿ ಜನಿಸಿದ ಮೊದಲ ಹೆಣ್ಣು ಚೀತಾ ಮುಖಿ, ಐದು ಮರಿಗಳಿಗೆ ಜನ್ಮ ನೀಡಿದೆ. ತಾಯಿ ಮತ್ತು ಮರಿಗಳು ಆರೋಗ್ಯವಾಗಿವೆ ಎಂದು ಅರಣ್ಯ ಇಲಾಖೆ ತಿಳಿಸಿದೆ. ಇದರೊಂದಿಗೆ ಕುನೋ ರಾಷ್ಟ್ರೀಯ ಉದ್ಯಾನವನದಲ್ಲಿ ಮತ್ತು ಗಾಂಧಿ ಸಾಗರ್ ವನ್ಯಜೀವಿ ಅಭಯಾರಣ್ಯದಲ್ಲಿರುವ ಒಟ್ಟು ಚೀತಾಗಳ ಸಂಖ್ಯೆ 27ಕ್ಕೆ ಏರಿಕೆಯಾಗಿದೆ. ಭಾರತದಲ್ಲಿ ಜನಿಸಿದ ಚೀತಾ ಮರಿಗಳು ಇಲ್ಲಿ ಯಶಸ್ವಿಯಾಗಿ ಸಂತಾನೋತ್ಪತ್ತಿ ಮಾಡಿರುವುದು ದೊಡ್ಡ ಮೈಲಿಗಲ್ಲು ಎಂದು ಮುಖ್ಯಮಂತ್ರಿ ಮೋಹನ್ ಯಾದವ್ ಹರ್ಷ ವ್ಯಕ್ತಪಡಿಸಿದ್ದಾರೆ. ಭಾರತದಲ್ಲಿ ಜನಿಸಿದ ಚೀತಾಗಳ ಸಂಖ್ಯೆ 33 ತಲುಪಿದೆ. ಚೀತಾ ಯೋಜನೆಯ ಯಶಸ್ಸಿಗೆ ಇದು ಸಾಕ್ಷಿ ಎಂದು ಅರಣ್ಯ ಅಧಿಕಾರಿಗಳು ಹೇಳಿದ್ದಾರೆ. ಮುಖಿ 2023ರ ಮಾರ್ಚ್‌ನಲ್ಲಿ ನಮೀಬಿಯಾದಿಂದ ತರಲಾದ ಚೀತಾ ಜ್ವಾಲಾಗೆ ಜನಿಸಿತ್ತು. ಭಾರತದ ಚೀತಾ ಯೋಜನೆ 2022ರಲ್ಲಿ ಆರಂಭವಾಗಿದ್ದು, ನಮೀಬಿಯಾ ಮತ್ತು ದಕ್ಷಿಣ ಆಫ್ರಿಕಾದಿಂದ ಚೀತಾಗಳನ್ನು ತರಲಾಗಿತ್ತು.
ರಾಬರ್ಟ್ ವಾದ್ರಾ ವಿರುದ್ಧ ಇಡಿಯಿಂದ ಚಾರ್ಜ್ ಶೀಟ್ ಸಲ್ಲಿಕೆ..!
ನವದೆಹಲಿ: ಯುಕೆ ಮೂಲದ ರಕ್ಷಣಾ ವ್ಯಾಪಾರಿ ಸಂಜಯ್ ಭಂಡಾರಿ ಅವರಿಗೆ ಸಂಬಂಧಿಸಿದ ಹಣ ವರ್ಗಾವಣೆ ಪ್ರಕರಣದಲ್ಲಿ ಉದ್ಯಮಿ ರಾಬರ್ಟ್ ವಾದ್ರಾ ವಿರುದ್ಧ ಜಾರಿ ನಿರ್ದೇಶನಾಲಯ (ಇಡಿ) ಆರೋಪಪಟ್ಟಿ ದಾಖಲಿಸಿದೆ. ವಿದೇಶಿ ಆಸ್ತಿಗಳ ಮತ್ತು ಹಣಕಾಸು ವ್ಯವಹಾರಗಳ ಬಗ್ಗೆ ಇಡಿ ತನಿಖೆ ನಡೆಸುತ್ತಿದೆ. ದೆಹಲಿಯ ರೌಸ್ ಅವೆನ್ಯೂ ನ್ಯಾಯಾಲಯದ ಮುಂದೆ ಆರೋಪಪಟ್ಟಿಯನ್ನು ಸಲ್ಲಿಸಲಾಗಿದೆ. ಅದರ ಪ್ರಕಾರ, ಭಂಡಾರಿ ಮತ್ತು ವಾದ್ರಾ ನಡುವಿನ ಸಂಬಂಧವನ್ನು ಪುರಾವೆಗಳು ದೃಢಪಡಿಸುತ್ತವೆ. 2016 ರಲ್ಲಿ ಭಂಡಾರಿ ಭಾರತದಿಂದ ಪಲಾಯನ ಮಾಡಿದ್ದರು.
ಸುಂಕವಿಲ್ಲದ ಆಸ್ತಿಗಳನ್ನು ಮತ್ತು ದಾಖಲೆಗಳನ್ನು ಪತ್ತೆಯಾಗಿಸಿದೆ ಎಂದು ಇಡಿ ತಿಳಿಸಿದೆ. ಲಂಡನ್‌ನಲ್ಲಿರುವ ಆಸ್ತಿಯನ್ನು ವಾದ್ರಾ ಅವರ ಪರವಾಗಿ ಖರೀದಿಸಲಾಗಿದೆ ಎಂದು ಆರೋಪಿಸಲಾಗಿದೆ. ವಾದ್ರಾ ಆರೋಪಗಳನ್ನು ನಿರಾಕರಿಸಿದ್ದು, ಇದು ರಾಜಕೀಯ ಪ್ರೇರಿತ ಕಿರುಕುಳ ಎಂದು ಹೇಳಿದ್ದಾರೆ. ಭಂಡಾರಿ ಮತ್ತು ವಾದ್ರಾ ನಡುವಿನ ಸಂಪರ್ಕ ಹಣಕಾಸು ವ್ಯವಹಾರಗಳ ಬಗ್ಗೆ ಇಡಿ ಹೆಚ್ಚಿನ ಮಾಹಿತಿ ಸಂಗ್ರಹಿಸುತ್ತಿದೆ. ನ್ಯಾಯಾಲಯವು ಮುಂದಿನ ವಿಚಾರಣೆಯ ದಿನಾಂಕವನ್ನು ನಿಗದಿಪಡಿಸಲಿದೆ ಎಂದು ಮೂಲಗಳು ತಿಳಿಸಿವೆ.
ರಷ್ಯಾದಿಂದ ತೈಲ ಖರೀದಿಯನ್ನು ಭಾರತ ಸ್ಥಗಿತಗೊಳಿಸಲಿದೆಯೇ
ದೆಹಲಿ: 2025ರ ನವೆಂಬರ್ 21ರಿಂದ ಅಂದರೆ ಶುಕ್ರವಾರದಿಂದಲೇ ರಷ್ಯಾದಿಂದ ಭಾರತಕ್ಕೆ ಕಚ್ಚಾ ತೈಲ ಆಮದು ಬಹುತೇಕ ಸ್ಥಗಿತಗೊಳ್ಳುವ ಸಾಧ್ಯತೆಯಿದೆ. 11 ಹಡಗುಗಳ ಅಂದರೆ ಈ ಸರಬರಾಜು ತೈಲ ಸಂಸ್ಕರಣಾ ಘಟಕಗಳನ್ನು ಪ್ರವೇಶಿಸಿವೆ. ರಷ್ಯಾದ ಪ್ರಮುಖ ತೈಲ ಕಂಪನಿಗಳಾದ ರೋಸ್ನೆಫ್ಟ್ ಮತ್ತು ಲುಕೋಯಿಲ್ ವಿರುದ್ಧ ಅಮೆರಿಕ ನಿರ್ಬಂಧ ಹೇರಿದ ಹಿನ್ನೆಲೆಯಲ್ಲಿ ಈ ಬೆಳವಣಿಗೆ ನಡೆದಿದೆ. ರಿಲಯನ್ಸ್ ಇಂಡಸ್ಟ್ರೀಸ್, ಇಂಡಿಯನ್ ಆಯಿಲ್, ಭಾರತ್ ಪೆಟ್ರೋಲಿಯಂ, ಹಿಂದೂಸ್ತಾನ್ ಪೆಟ್ರೋಲಿಯಂ ಮತ್ತು ಎಂಆರ್‌ಪಿಎಲ್‌ನಂತಹ ಪ್ರಮುಖ ಕಂಪನಿಗಳು ರಷ್ಯಾದ ಕಚ್ಚಾ ತೈಲ ಖರೀದಿಯನ್ನು ಕಡಿಮೆ ಮಾಡಿವೆ. ಭಾರತವು ತನ್ನ ಕಚ್ಚಾ ತೈಲದ ಅಗತ್ಯದ ಶೇ.85ರಷ್ಟನ್ನು ಆಮದು ಮಾಡಿಕೊಳ್ಳುತ್ತದೆ. ರಷ್ಯಾ ಭಾರತಕ್ಕೆ ಅತಿದೊಡ್ಡ ತೈಲ ಪೂರೈಕೆದಾರನಾಗಿದ್ದು, ಕಳೆದ ವರ್ಷ ಶೇ.60 ರಷ್ಟು ಪಾಲು ಹೊಂದಿತ್ತು. ಆದರೆ ಇದೀಗ ಪರಿಸ್ಥಿತಿ ಬದಲಾಗುತ್ತಿದೆ. ನಿರ್ಬಂಧಗಳ ಪರಿಣಾಮ ಪಾವತಿ ಮತ್ತು ಸಾಗಾಣಿಕೆ ಸಮಸ್ಯೆಗಳು ಎದುರಾಗುತ್ತಿವೆ. ಭಾರತೀಯ ಕಂಪನಿಗಳು ಮಧ್ಯಪ್ರಾಚ್ಯ ಮತ್ತು ಅಮೆರಿಕದಿಂದ ತೈಲ ಖರೀದಿಯನ್ನು ಹೆಚ್ಚಿಸಲು ಮುಂದಾಗಿವೆ ಎಂದು ಮೂಲಗಳು ತಿಳಿಸಿವೆ. ಸರ್ಕಾರ ಈ ಕುರಿತು ಅಧಿಕೃತವಾಗಿ ಯಾವುದೇ ಹೇಳಿಕೆ ನೀಡಿಲ್ಲ.
ಗಾಜಾ ಮೇಲೆ ಮತ್ತೆ ದಾಳಿ ಮಾಡಿದ ಇಸ್ರೇಲ್; 27 ಮಂದಿ ಸಾವು
ಗಾಜಾ, ಪ್ಯಾಲೆಸ್ತೀನ್: ಗಾಜಾ ನಗರದ ಮೇಲೆ ಬುಧವಾರ ಇಸ್ರೇಲ್ ಬಾಂಬ್ ದಾಳಿ ನಡೆಸಿದ್ದು, 27 ಜನರು ಸಾವನ್ನಪ್ಪಿದ್ದಾರೆ. 77 ಜನರು ಗಾಯಗೊಂಡಿದ್ದಾರೆ ಎಂದು ಗಾಜಾದ ಆರೋಗ್ಯ ಅಧಿಕಾರಿಗಳು ತಿಳಿಸಿದ್ದಾರೆ. ಇಸ್ರೇಲ್ ಮತ್ತು ಹಮಾಸ್ ನಡುವಿನ ಕದನ ವಿರಾಮವನ್ನು ಉಲ್ಲಂಘಿಸಲಾಗಿದೆ ಎಂದು ಎರಡೂ ಕಡೆಯವರು ಪರಸ್ಪರ ಆರೋಪಿಸಿದ್ದಾರೆ. ಅಮೆರಿಕ ಮಧ್ಯಸ್ಥಿಕೆಯಲ್ಲಿ ಜಾರಿಗೆ ಬಂದ ಕದನ ವಿರಾಮ ಒಪ್ಪಂದದ ನಂತರ ಇದು ಅತ್ಯಂತ ಭೀಕರ ದಾಳಿಯಾಗಿದೆ. ದಕ್ಷಿಣ ಗಾಜಾದ ಖಾನ್ ಯೂನಿಸ್ ಪ್ರದೇಶದಲ್ಲಿ 13 ಜನರು ಸಾವನ್ನಪ್ಪಿದ್ದಾರೆ ಎಂದು ಹಮಾಸ್ ಆಡಳಿತದ ನಾಗರಿಕ ರಕ್ಷಣಾ ಸಂಸ್ಥೆ ತಿಳಿಸಿದೆ. ನಮ್ಮ ಪಡೆಗಳ ಮೇಲೆ ದಾಳಿ ನಡೆಸಿದ ನಂತರ ಪ್ರತಿದಾಳಿ ನಡೆಸಲಾಗಿದೆ ಎಂದು ಇಸ್ರೇಲ್ ಸೇನೆ ಹೇಳಿದೆ. ಕದನ ವಿರಾಮದ ಬಳಿಕವೂ ಗಾಜಾದಲ್ಲಿ ಹಿಂಸಾಚಾರ ಮುಂದುವರಿದಿದ್ದು, ಮಾನವೀಯ ನೆರವು ತಲುಪುವಲ್ಲಿ ತೊಂದರೆಯಾಗುತ್ತಿದೆ ಎಂದು ಅಂತಾರಾಷ್ಟ್ರೀಯ ಸಂಸ್ಥೆಗಳು ಆತಂಕ ವ್ಯಕ್ತಪಡಿಸಿವೆ.
ಭಾನುವಾರ ಗಾಜಾ ನಗರಕ್ಕೆ ಭೇಟಿ ನೀಡಿದ್ದ ವ್ಯಾಲಿಯಂದ ರಾತ್ರಿ ಜನರು ವಿಶ್ರಾಂತಿ ಪಡೆಯುತ್ತಿದ್ದರು ಮತ್ತು ಮನೆಗೆ ಮರಳುತ್ತಿದ್ದಾಗ ದಾಳಿ ನಡೆಯಿತು ಎಂದು ಸ್ಥಳೀಯರು ತಿಳಿಸಿದ್ದಾರೆ.
